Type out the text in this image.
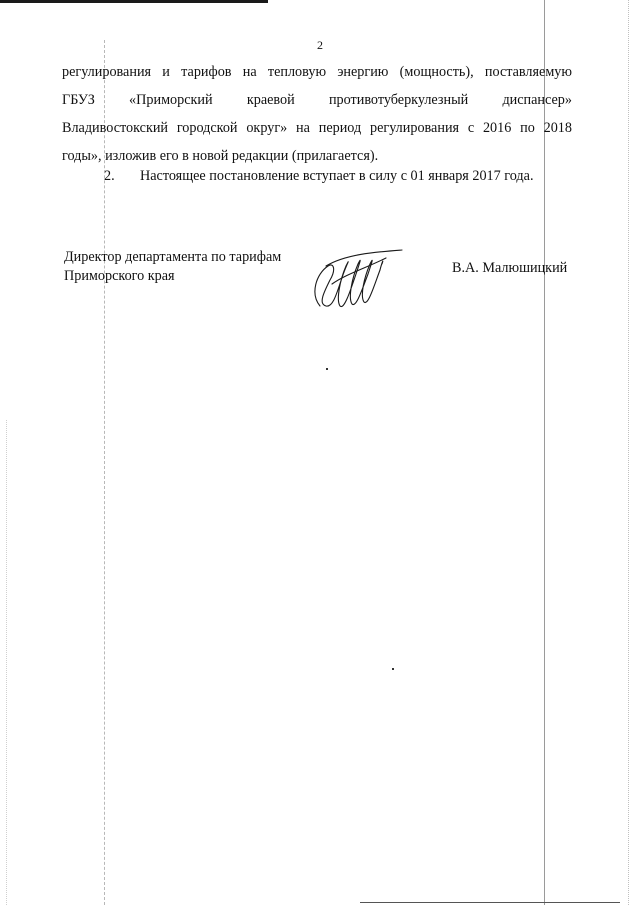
2
регулирования и тарифов на тепловую энергию (мощность), поставляемую
ГБУЗ «Приморский краевой противотуберкулезный диспансер»
Владивостокский городской округ» на период регулирования с 2016 по 2018
годы», изложив его в новой редакции (прилагается).
2. Настоящее постановление вступает в силу с 01 января 2017 года.
Директор департамента по тарифам
Приморского края	В.А. Малюшицкий
